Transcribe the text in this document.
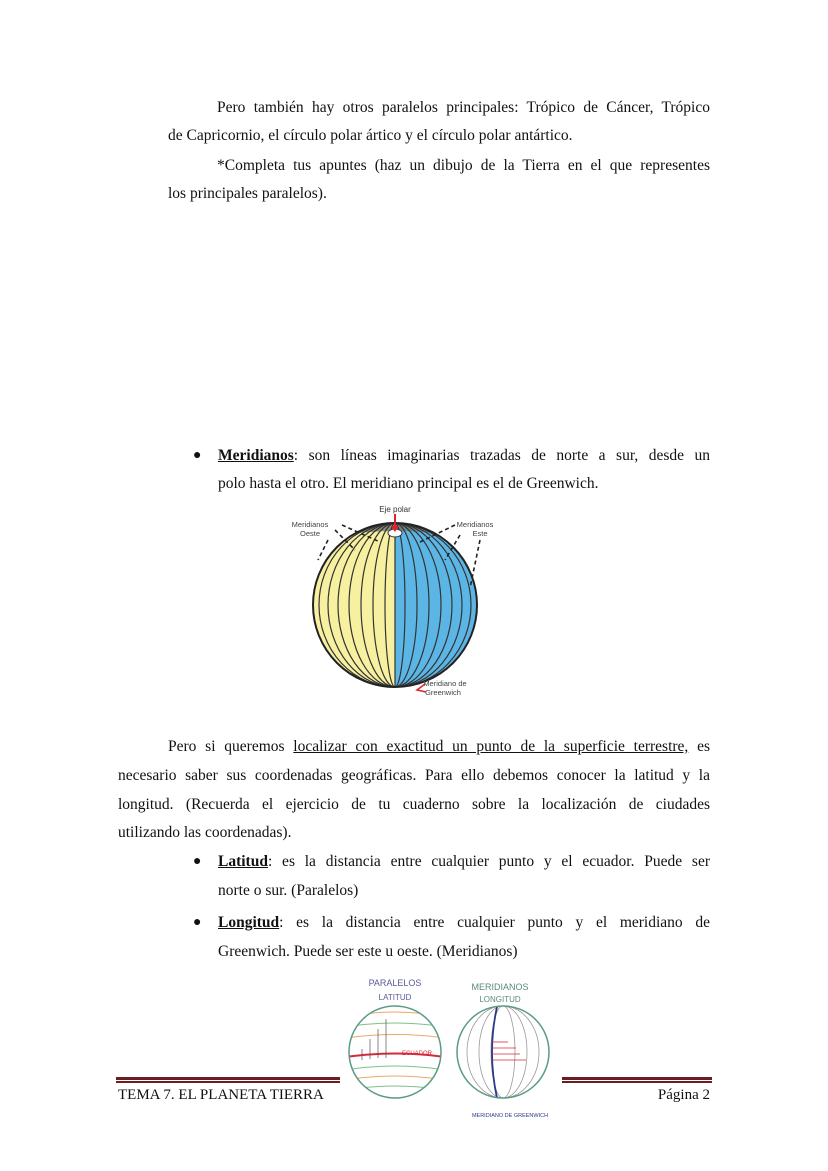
Pero también hay otros paralelos principales: Trópico de Cáncer, Trópico
de Capricornio, el círculo polar ártico y el círculo polar antártico.
*Completa tus apuntes (haz un dibujo de la Tierra en el que representes
los principales paralelos).
● Meridianos: son líneas imaginarias trazadas de norte a sur, desde un
polo hasta el otro. El meridiano principal es el de Greenwich.
Eje polar
Meridianos
Oeste
Meridianos
Este
Meridiano de
Greenwich
Pero si queremos localizar con exactitud un punto de la superficie terrestre, es
necesario saber sus coordenadas geográficas. Para ello debemos conocer la latitud y la
longitud. (Recuerda el ejercicio de tu cuaderno sobre la localización de ciudades
utilizando las coordenadas).
● Latitud: es la distancia entre cualquier punto y el ecuador. Puede ser
norte o sur. (Paralelos)
● Longitud: es la distancia entre cualquier punto y el meridiano de
Greenwich. Puede ser este u oeste. (Meridianos)
PARALELOS
LATITUD
MERIDIANOS
LONGITUD
ECUADOR
MERIDIANO DE GREENWICH
TEMA 7. EL PLANETA TIERRA	Página 2
